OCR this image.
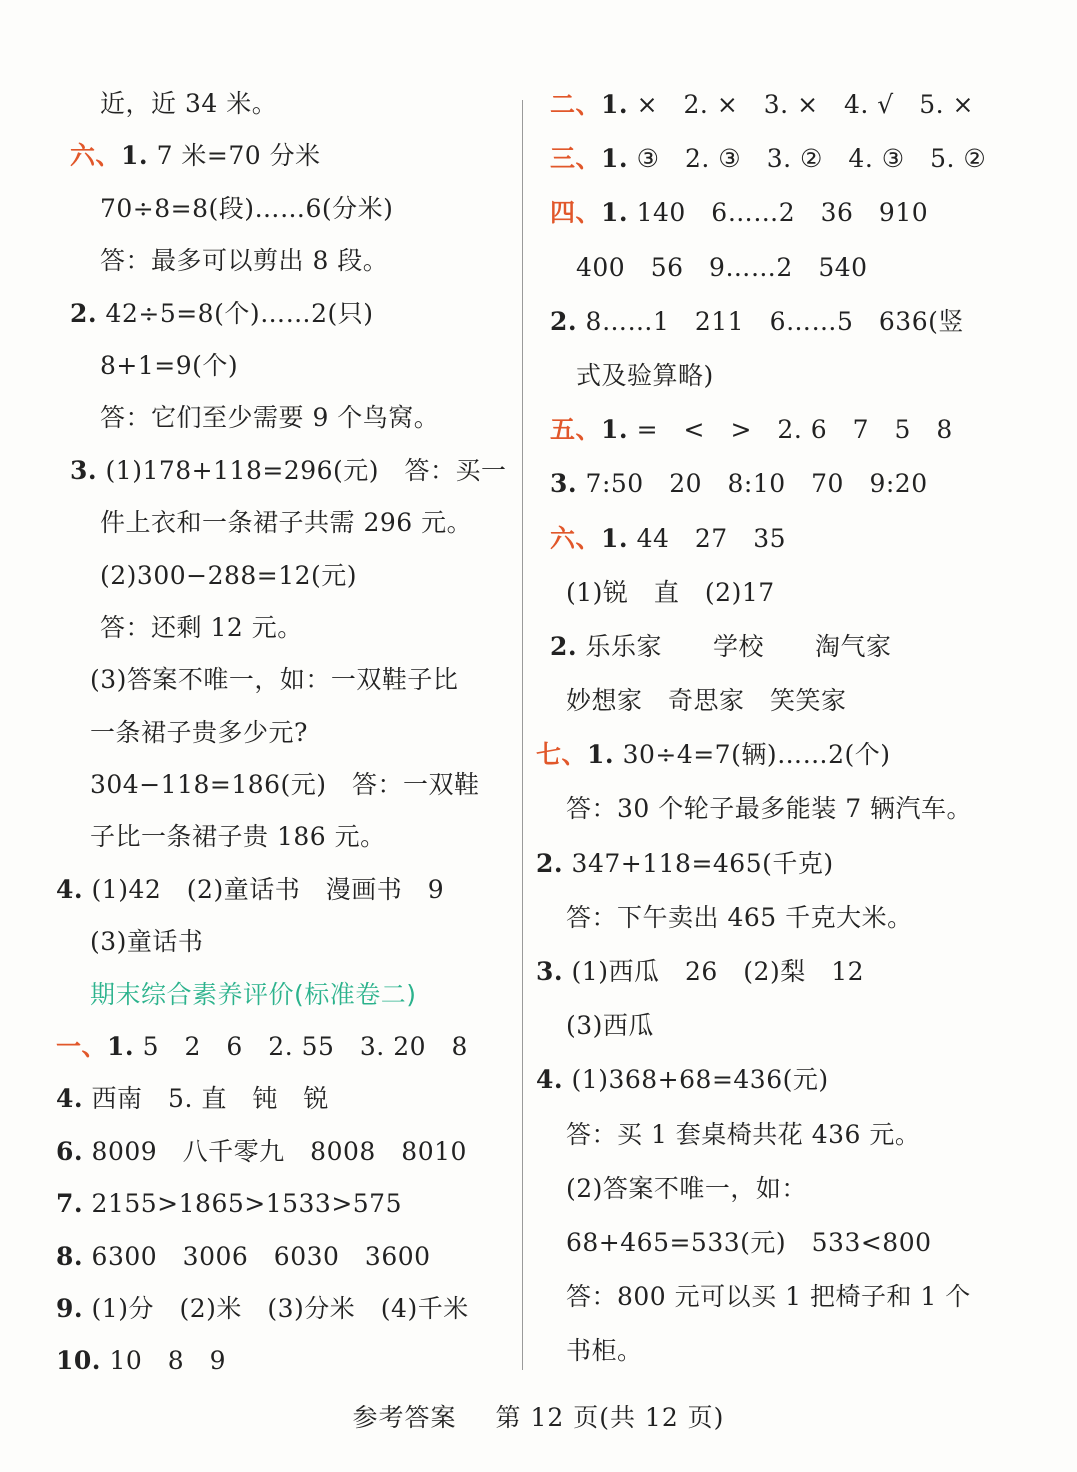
近，近 34 米。
六、1. 7 米=70 分米
70÷8=8(段)……6(分米)
答：最多可以剪出 8 段。
2. 42÷5=8(个)……2(只)
8+1=9(个)
答：它们至少需要 9 个鸟窝。
3. (1)178+118=296(元)　答：买一
件上衣和一条裙子共需 296 元。
(2)300−288=12(元)
答：还剩 12 元。
(3)答案不唯一，如：一双鞋子比
一条裙子贵多少元?
304−118=186(元)　答：一双鞋
子比一条裙子贵 186 元。
4. (1)42　(2)童话书　漫画书　9
(3)童话书
期末综合素养评价(标准卷二)
一、1. 5　2　6　2. 55　3. 20　8
4. 西南　5. 直　钝　锐
6. 8009　八千零九　8008　8010
7. 2155>1865>1533>575
8. 6300　3006　6030　3600
9. (1)分　(2)米　(3)分米　(4)千米
10. 10　8　9
二、1. ×　2. ×　3. ×　4. √　5. ×
三、1. ③　2. ③　3. ②　4. ③　5. ②
四、1. 140　6……2　36　910
400　56　9……2　540
2. 8……1　211　6……5　636(竖
式及验算略)
五、1. =　<　>　2. 6　7　5　8
3. 7:50　20　8:10　70　9:20
六、1. 44　27　35
(1)锐　直　(2)17
2. 乐乐家　　学校　　淘气家
妙想家　奇思家　笑笑家
七、1. 30÷4=7(辆)……2(个)
答：30 个轮子最多能装 7 辆汽车。
2. 347+118=465(千克)
答：下午卖出 465 千克大米。
3. (1)西瓜　26　(2)梨　12
(3)西瓜
4. (1)368+68=436(元)
答：买 1 套桌椅共花 436 元。
(2)答案不唯一，如：
68+465=533(元)　533<800
答：800 元可以买 1 把椅子和 1 个
书柜。
参考答案 第 12 页(共 12 页)
